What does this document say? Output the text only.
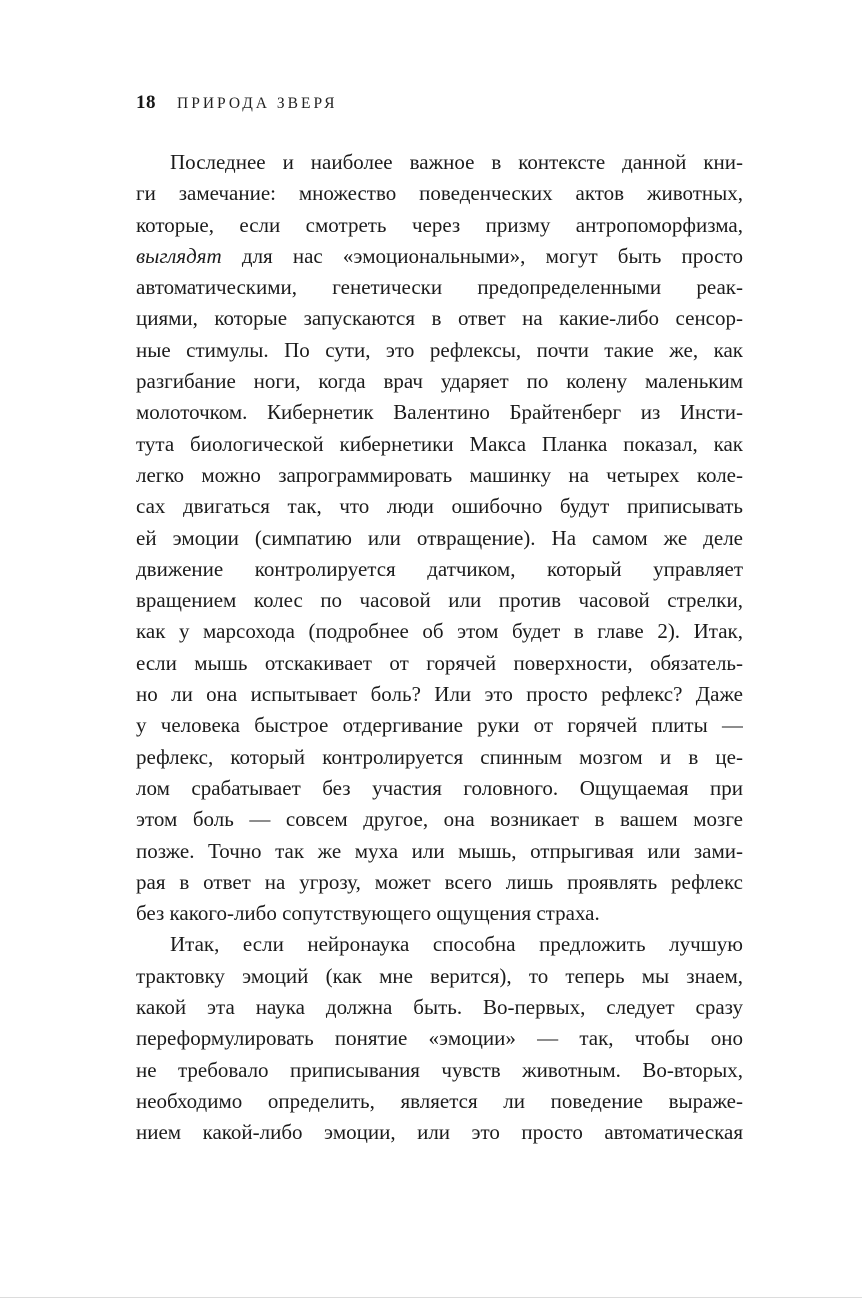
18 ПРИРОДА ЗВЕРЯ
Последнее и наиболее важное в контексте данной кни-
ги замечание: множество поведенческих актов животных,
которые, если смотреть через призму антропоморфизма,
выглядят для нас «эмоциональными», могут быть просто
автоматическими, генетически предопределенными реак-
циями, которые запускаются в ответ на какие-либо сенсор-
ные стимулы. По сути, это рефлексы, почти такие же, как
разгибание ноги, когда врач ударяет по колену маленьким
молоточком. Кибернетик Валентино Брайтенберг из Инсти-
тута биологической кибернетики Макса Планка показал, как
легко можно запрограммировать машинку на четырех коле-
сах двигаться так, что люди ошибочно будут приписывать
ей эмоции (симпатию или отвращение). На самом же деле
движение контролируется датчиком, который управляет
вращением колес по часовой или против часовой стрелки,
как у марсохода (подробнее об этом будет в главе 2). Итак,
если мышь отскакивает от горячей поверхности, обязатель-
но ли она испытывает боль? Или это просто рефлекс? Даже
у человека быстрое отдергивание руки от горячей плиты —
рефлекс, который контролируется спинным мозгом и в це-
лом срабатывает без участия головного. Ощущаемая при
этом боль — совсем другое, она возникает в вашем мозге
позже. Точно так же муха или мышь, отпрыгивая или зами-
рая в ответ на угрозу, может всего лишь проявлять рефлекс
без какого-либо сопутствующего ощущения страха.
Итак, если нейронаука способна предложить лучшую
трактовку эмоций (как мне верится), то теперь мы знаем,
какой эта наука должна быть. Во-первых, следует сразу
переформулировать понятие «эмоции» — так, чтобы оно
не требовало приписывания чувств животным. Во-вторых,
необходимо определить, является ли поведение выраже-
нием какой-либо эмоции, или это просто автоматическая
